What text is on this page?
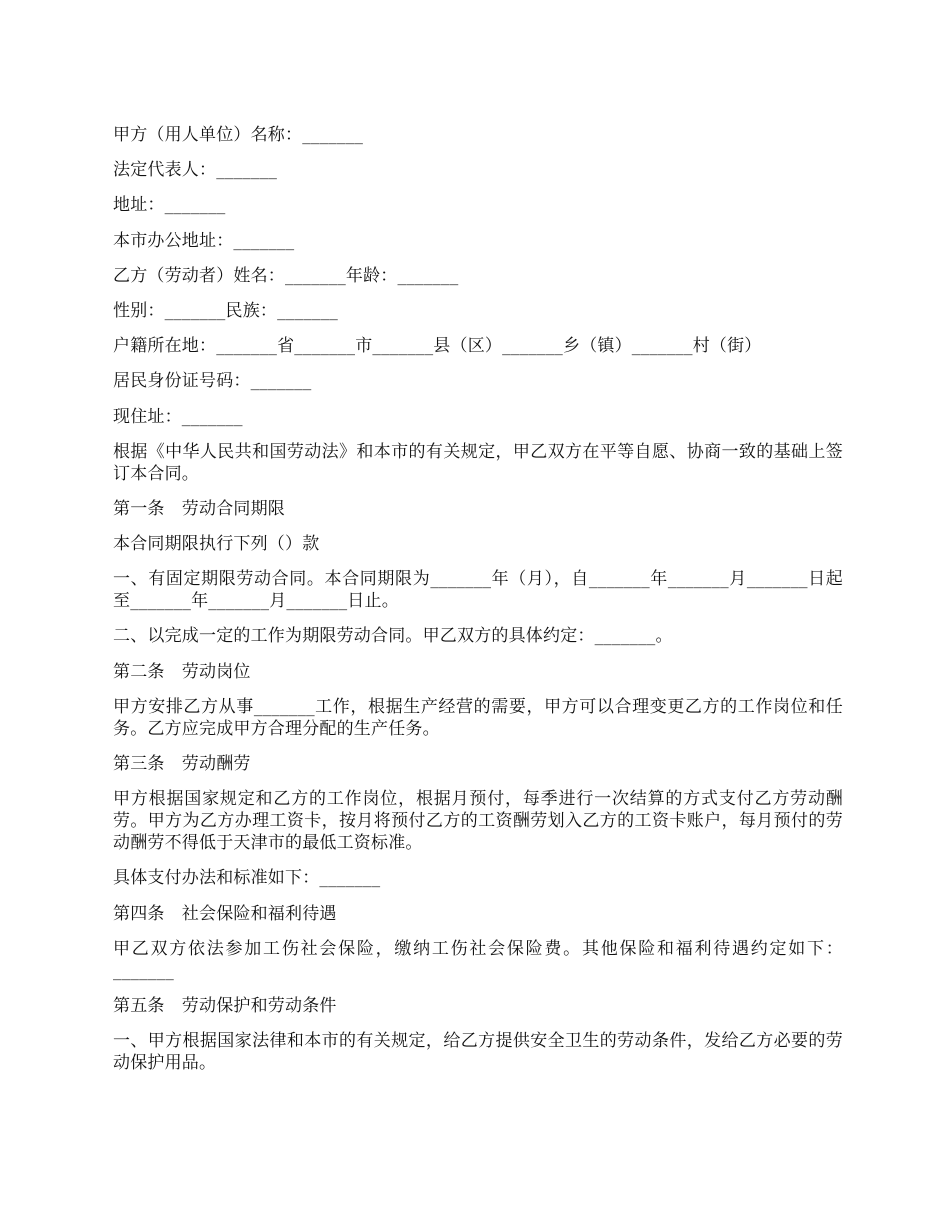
甲方（用人单位）名称：_______

法定代表人：_______

地址：_______

本市办公地址：_______

乙方（劳动者）姓名：_______年龄：_______

性别：_______民族：_______

户籍所在地：_______省_______市_______县（区）_______乡（镇）_______村（街）

居民身份证号码：_______

现住址：_______

根据《中华人民共和国劳动法》和本市的有关规定，甲乙双方在平等自愿、协商一致的基础上签订本合同。

第一条　劳动合同期限

本合同期限执行下列（）款

一、有固定期限劳动合同。本合同期限为_______年（月），自_______年_______月_______日起至_______年_______月_______日止。

二、以完成一定的工作为期限劳动合同。甲乙双方的具体约定：_______。

第二条　劳动岗位

甲方安排乙方从事_______工作，根据生产经营的需要，甲方可以合理变更乙方的工作岗位和任务。乙方应完成甲方合理分配的生产任务。

第三条　劳动酬劳

甲方根据国家规定和乙方的工作岗位，根据月预付，每季进行一次结算的方式支付乙方劳动酬劳。甲方为乙方办理工资卡，按月将预付乙方的工资酬劳划入乙方的工资卡账户，每月预付的劳动酬劳不得低于天津市的最低工资标准。

具体支付办法和标准如下：_______

第四条　社会保险和福利待遇

甲乙双方依法参加工伤社会保险，缴纳工伤社会保险费。其他保险和福利待遇约定如下：_______

第五条　劳动保护和劳动条件

一、甲方根据国家法律和本市的有关规定，给乙方提供安全卫生的劳动条件，发给乙方必要的劳动保护用品。
